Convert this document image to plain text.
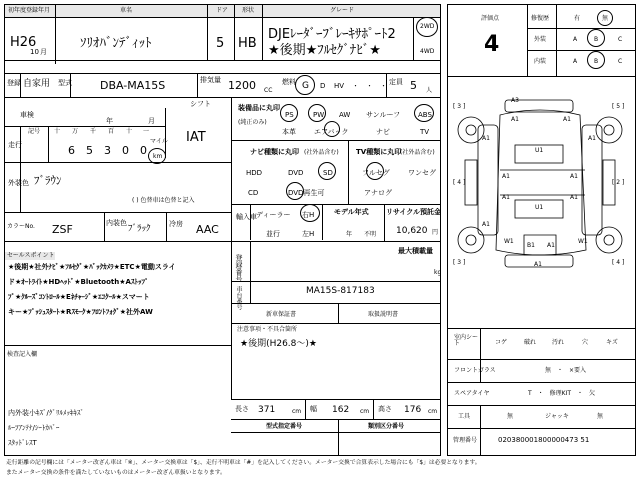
初年度登録年月	車名	ドア 形状	グレード
H26
10 月
ｿﾘｵﾊﾞﾝﾃﾞｨｯﾄ	5 HB
DJEﾚｰﾀﾞｰﾌﾞﾚｰｷｻﾎﾟｰﾄ2
★後期★ﾌﾙｾｸﾞﾅﾋﾞ★
2WD
4WD
登録 自家用 型式	DBA-MA15S	排気量 1200 CC
燃料 G D HV ・　・　・ 定員 5 人
シフト
車検
年	月
IAT
走行
記号 十 万 千 百 十 一
6 5 3 0 0
マイル
km
外装色 ﾌﾞﾗｳﾝ
( ) 色替車は色替と記入
カラーNo. ZSF	内装色
ﾌﾞﾗｯｸ	冷房 AAC
装備品に丸印
(純正のみ)
PS	PW AW サンルーフ	ABS
本革	エアバック	ナビ	TV
ナビ種類に丸印 (社外品含む)
HDD	DVD	SD
CD	DVD再生可
TV種類に丸印
(社外品含む)
フルセグ	ワンセグ
アナログ
輸入車 ディーラー 右H
並行	左H
モデル年式
年　　不明
リサイクル預託金
10,620 円
最大積載量
kg
登録番号
車台番号	MA15S-817183
新車保証書	取扱説明書
注意事項・不具合箇所
★後期(H26.8～)★
セールスポイント
★後期★社外ﾅﾋﾞ★ﾌﾙｾｸﾞ★ﾊﾞｯｸｶﾒﾗ★ETC★電動スライ
ド★ｵｰﾄﾗｲﾄ★HDﾍｯﾄﾞ★Bluetooth★Aｽﾄｯﾌﾟ
ﾌﾟ★ｸﾙｰｽﾞｺﾝﾄﾛｰﾙ★Eﾈﾁｬｰｼﾞ★ｴｺｸｰﾙ★スマート
キー★ﾌﾟｯｼｭｽﾀｰﾄ★Rｽﾓｰｸ★ﾌﾛﾝﾄﾌｫｸﾞ★社外AW
検査記入欄
内外装小ｷｽﾞ/ｸﾞﾘﾙﾒｯｷｷｽﾞ
ﾙｰﾌｱﾝﾃﾅ/ｼｰﾄｶﾊﾞｰ
ｽﾀｯﾄﾞﾚｽT
長さ 371	cm 幅 162 cm 高さ 176 cm
型式指定番号	類別区分番号
評価点
4
修復歴	有	無
外装	A	B	C
内装	A	B	C
A3
A1	A1
A1	A1
U1
U1
A1	A1
A1	A1
A1
W1
B1 A1
W1
A1
[ 3 ]	[ 5 ]
[ 4 ]	[ 2 ]
[ 3 ]	[ 4 ]
室内シート	コゲ	破れ	汚れ	穴	キズ
フロントガラス	無　・　×要入
スペアタイヤ	T　・　修理KIT　・　欠
工具	無	ジャッキ	無
管理番号	020380001800000473 51
走行距離の記号欄には「メーター改ざん車は「※」、メーター交換車は「$」、走行不明車は「#」を記入してください。メーター交換で合算表示した場合にも「$」は必要となります。
またメーター交換の条件を満たしていないものはメーター改ざん車扱いとなります。
